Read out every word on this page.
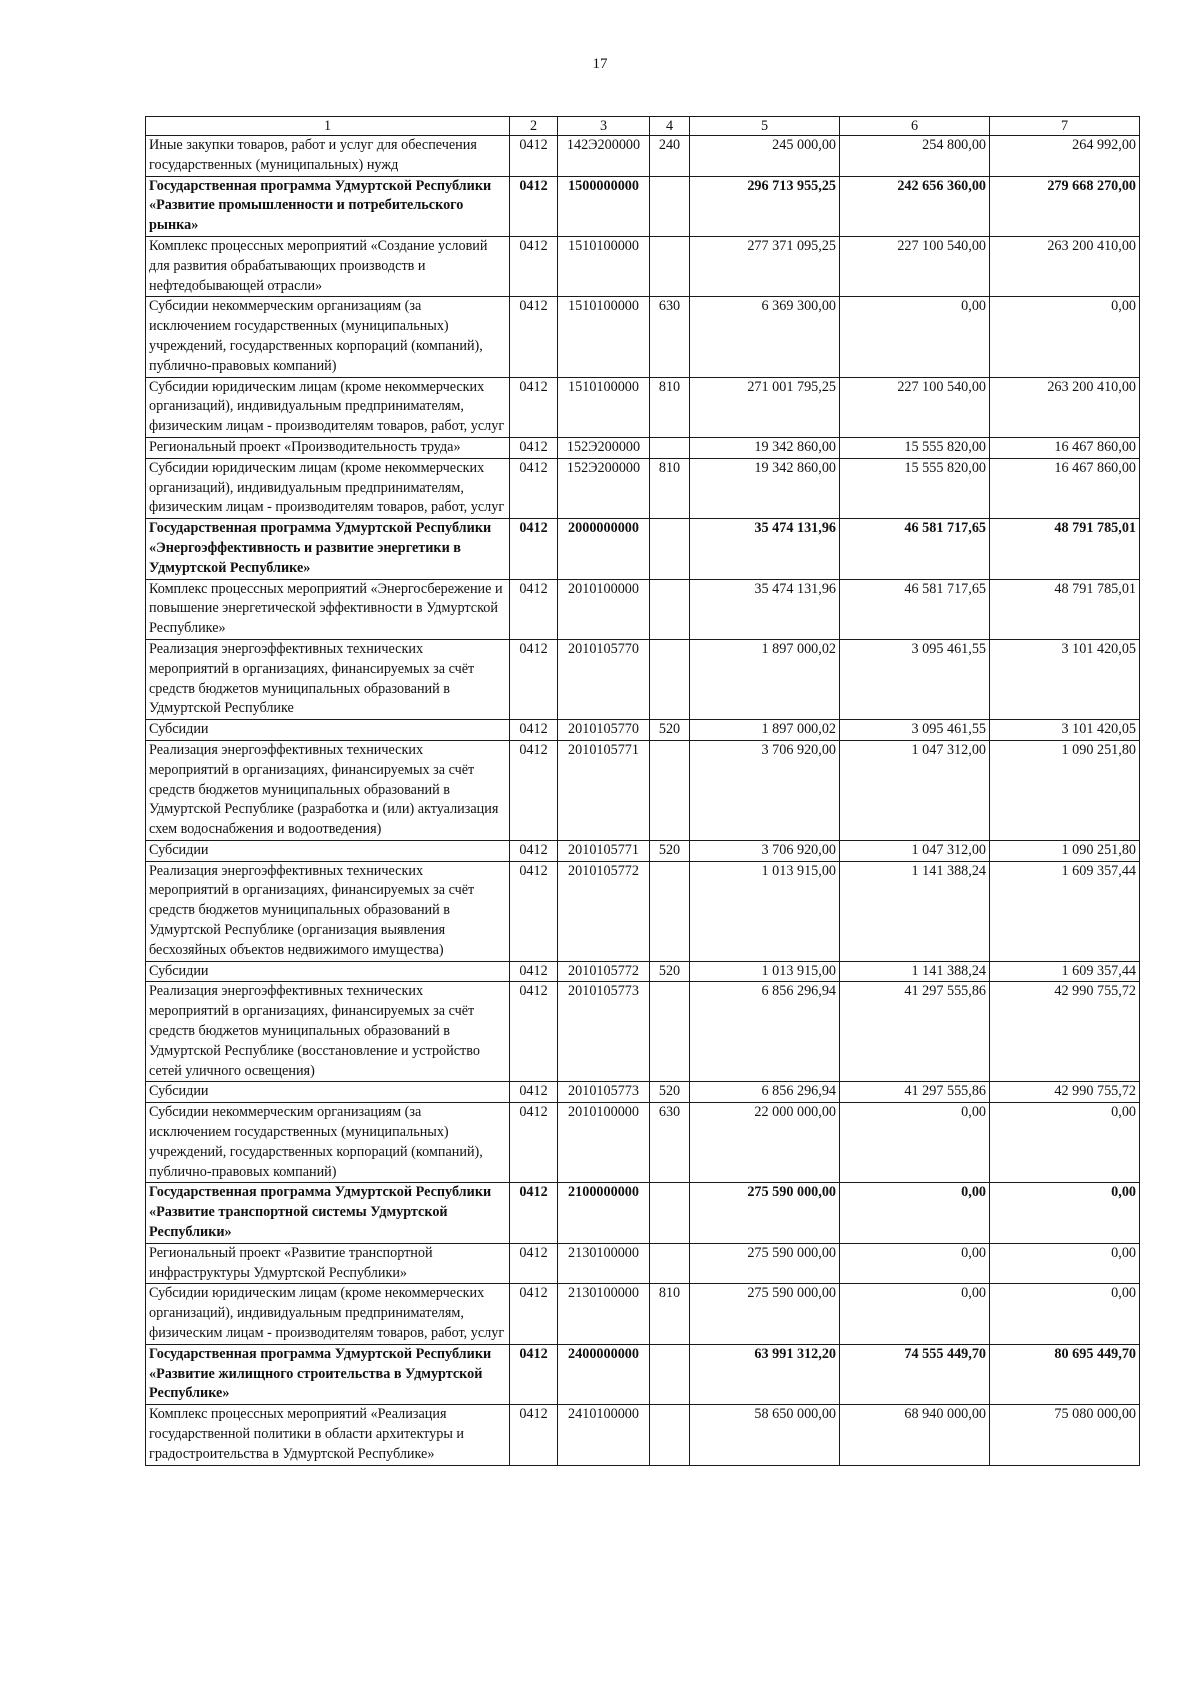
17
1	2	3	4	5	6	7
Иные закупки товаров, работ и услуг для обеспечения государственных (муниципальных) нужд	0412	142Э200000	240	245 000,00	254 800,00	264 992,00
Государственная программа Удмуртской Республики «Развитие промышленности и потребительского рынка»	0412	1500000000		296 713 955,25	242 656 360,00	279 668 270,00
Комплекс процессных мероприятий «Создание условий для развития обрабатывающих производств и нефтедобывающей отрасли»	0412	1510100000		277 371 095,25	227 100 540,00	263 200 410,00
Субсидии некоммерческим организациям (за исключением государственных (муниципальных) учреждений, государственных корпораций (компаний), публично-правовых компаний)	0412	1510100000	630	6 369 300,00	0,00	0,00
Субсидии юридическим лицам (кроме некоммерческих организаций), индивидуальным предпринимателям, физическим лицам - производителям товаров, работ, услуг	0412	1510100000	810	271 001 795,25	227 100 540,00	263 200 410,00
Региональный проект «Производительность труда»	0412	152Э200000		19 342 860,00	15 555 820,00	16 467 860,00
Субсидии юридическим лицам (кроме некоммерческих организаций), индивидуальным предпринимателям, физическим лицам - производителям товаров, работ, услуг	0412	152Э200000	810	19 342 860,00	15 555 820,00	16 467 860,00
Государственная программа Удмуртской Республики «Энергоэффективность и развитие энергетики в Удмуртской Республике»	0412	2000000000		35 474 131,96	46 581 717,65	48 791 785,01
Комплекс процессных мероприятий «Энергосбережение и повышение энергетической эффективности в Удмуртской Республике»	0412	2010100000		35 474 131,96	46 581 717,65	48 791 785,01
Реализация энергоэффективных технических мероприятий в организациях, финансируемых за счёт средств бюджетов муниципальных образований в Удмуртской Республике	0412	2010105770		1 897 000,02	3 095 461,55	3 101 420,05
Субсидии	0412	2010105770	520	1 897 000,02	3 095 461,55	3 101 420,05
Реализация энергоэффективных технических мероприятий в организациях, финансируемых за счёт средств бюджетов муниципальных образований в Удмуртской Республике (разработка и (или) актуализация схем водоснабжения и водоотведения)	0412	2010105771		3 706 920,00	1 047 312,00	1 090 251,80
Субсидии	0412	2010105771	520	3 706 920,00	1 047 312,00	1 090 251,80
Реализация энергоэффективных технических мероприятий в организациях, финансируемых за счёт средств бюджетов муниципальных образований в Удмуртской Республике (организация выявления бесхозяйных объектов недвижимого имущества)	0412	2010105772		1 013 915,00	1 141 388,24	1 609 357,44
Субсидии	0412	2010105772	520	1 013 915,00	1 141 388,24	1 609 357,44
Реализация энергоэффективных технических мероприятий в организациях, финансируемых за счёт средств бюджетов муниципальных образований в Удмуртской Республике (восстановление и устройство сетей уличного освещения)	0412	2010105773		6 856 296,94	41 297 555,86	42 990 755,72
Субсидии	0412	2010105773	520	6 856 296,94	41 297 555,86	42 990 755,72
Субсидии некоммерческим организациям (за исключением государственных (муниципальных) учреждений, государственных корпораций (компаний), публично-правовых компаний)	0412	2010100000	630	22 000 000,00	0,00	0,00
Государственная программа Удмуртской Республики «Развитие транспортной системы Удмуртской Республики»	0412	2100000000		275 590 000,00	0,00	0,00
Региональный проект «Развитие транспортной инфраструктуры Удмуртской Республики»	0412	2130100000		275 590 000,00	0,00	0,00
Субсидии юридическим лицам (кроме некоммерческих организаций), индивидуальным предпринимателям, физическим лицам - производителям товаров, работ, услуг	0412	2130100000	810	275 590 000,00	0,00	0,00
Государственная программа Удмуртской Республики «Развитие жилищного строительства в Удмуртской Республике»	0412	2400000000		63 991 312,20	74 555 449,70	80 695 449,70
Комплекс процессных мероприятий «Реализация государственной политики в области архитектуры и градостроительства в Удмуртской Республике»	0412	2410100000		58 650 000,00	68 940 000,00	75 080 000,00
